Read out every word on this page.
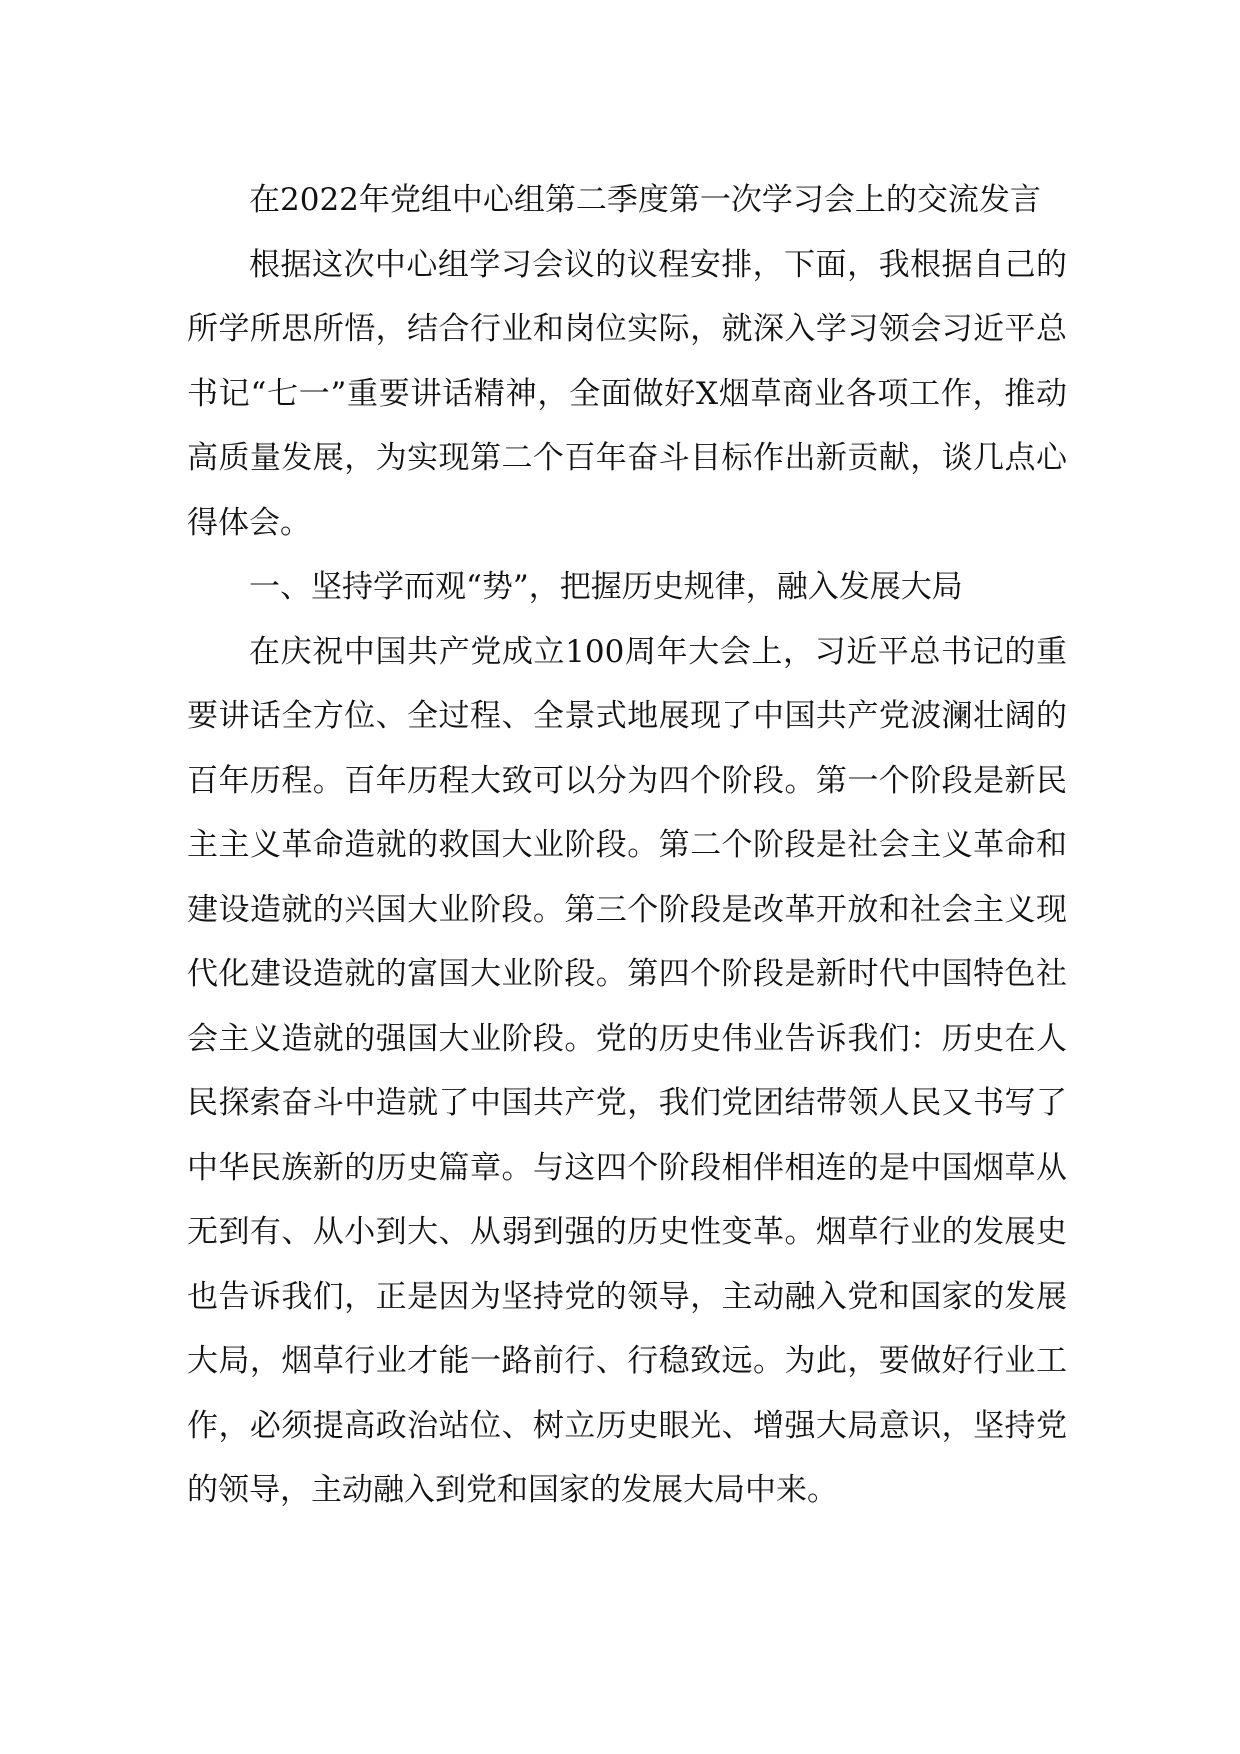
在2022年党组中心组第二季度第一次学习会上的交流发言

根据这次中心组学习会议的议程安排，下面，我根据自己的所学所思所悟，结合行业和岗位实际，就深入学习领会习近平总书记“七一”重要讲话精神，全面做好X烟草商业各项工作，推动高质量发展，为实现第二个百年奋斗目标作出新贡献，谈几点心得体会。

一、坚持学而观“势”，把握历史规律，融入发展大局

在庆祝中国共产党成立100周年大会上，习近平总书记的重要讲话全方位、全过程、全景式地展现了中国共产党波澜壮阔的百年历程。百年历程大致可以分为四个阶段。第一个阶段是新民主主义革命造就的救国大业阶段。第二个阶段是社会主义革命和建设造就的兴国大业阶段。第三个阶段是改革开放和社会主义现代化建设造就的富国大业阶段。第四个阶段是新时代中国特色社会主义造就的强国大业阶段。党的历史伟业告诉我们：历史在人民探索奋斗中造就了中国共产党，我们党团结带领人民又书写了中华民族新的历史篇章。与这四个阶段相伴相连的是中国烟草从无到有、从小到大、从弱到强的历史性变革。烟草行业的发展史也告诉我们，正是因为坚持党的领导，主动融入党和国家的发展大局，烟草行业才能一路前行、行稳致远。为此，要做好行业工作，必须提高政治站位、树立历史眼光、增强大局意识，坚持党的领导，主动融入到党和国家的发展大局中来。
